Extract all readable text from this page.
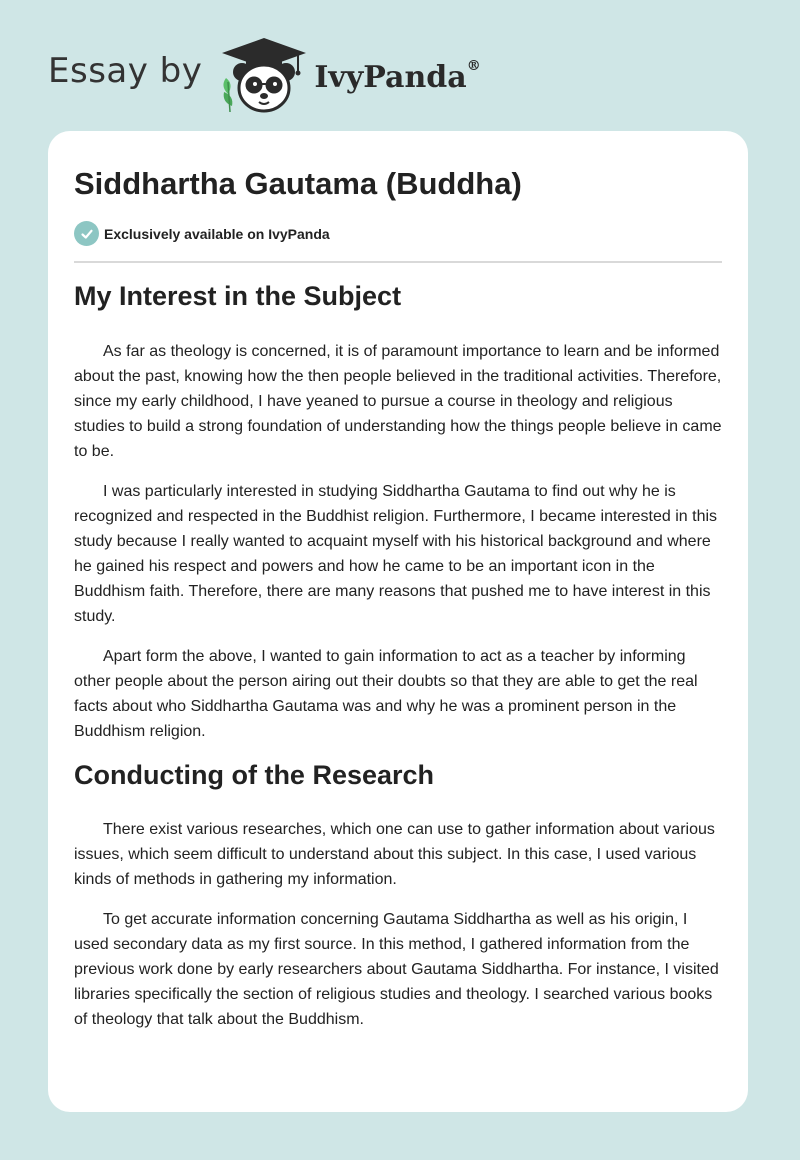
Essay by	IvyPanda®
Siddhartha Gautama (Buddha)
Exclusively available on IvyPanda
My Interest in the Subject

As far as theology is concerned, it is of paramount importance to learn and be informed about the past, knowing how the then people believed in the traditional activities. Therefore, since my early childhood, I have yeaned to pursue a course in theology and religious studies to build a strong foundation of understanding how the things people believe in came to be.

I was particularly interested in studying Siddhartha Gautama to find out why he is recognized and respected in the Buddhist religion. Furthermore, I became interested in this study because I really wanted to acquaint myself with his historical background and where he gained his respect and powers and how he came to be an important icon in the Buddhism faith. Therefore, there are many reasons that pushed me to have interest in this study.

Apart form the above, I wanted to gain information to act as a teacher by informing other people about the person airing out their doubts so that they are able to get the real facts about who Siddhartha Gautama was and why he was a prominent person in the Buddhism religion.

Conducting of the Research

There exist various researches, which one can use to gather information about various issues, which seem difficult to understand about this subject. In this case, I used various kinds of methods in gathering my information.

To get accurate information concerning Gautama Siddhartha as well as his origin, I used secondary data as my first source. In this method, I gathered information from the previous work done by early researchers about Gautama Siddhartha. For instance, I visited libraries specifically the section of religious studies and theology. I searched various books of theology that talk about the Buddhism.
